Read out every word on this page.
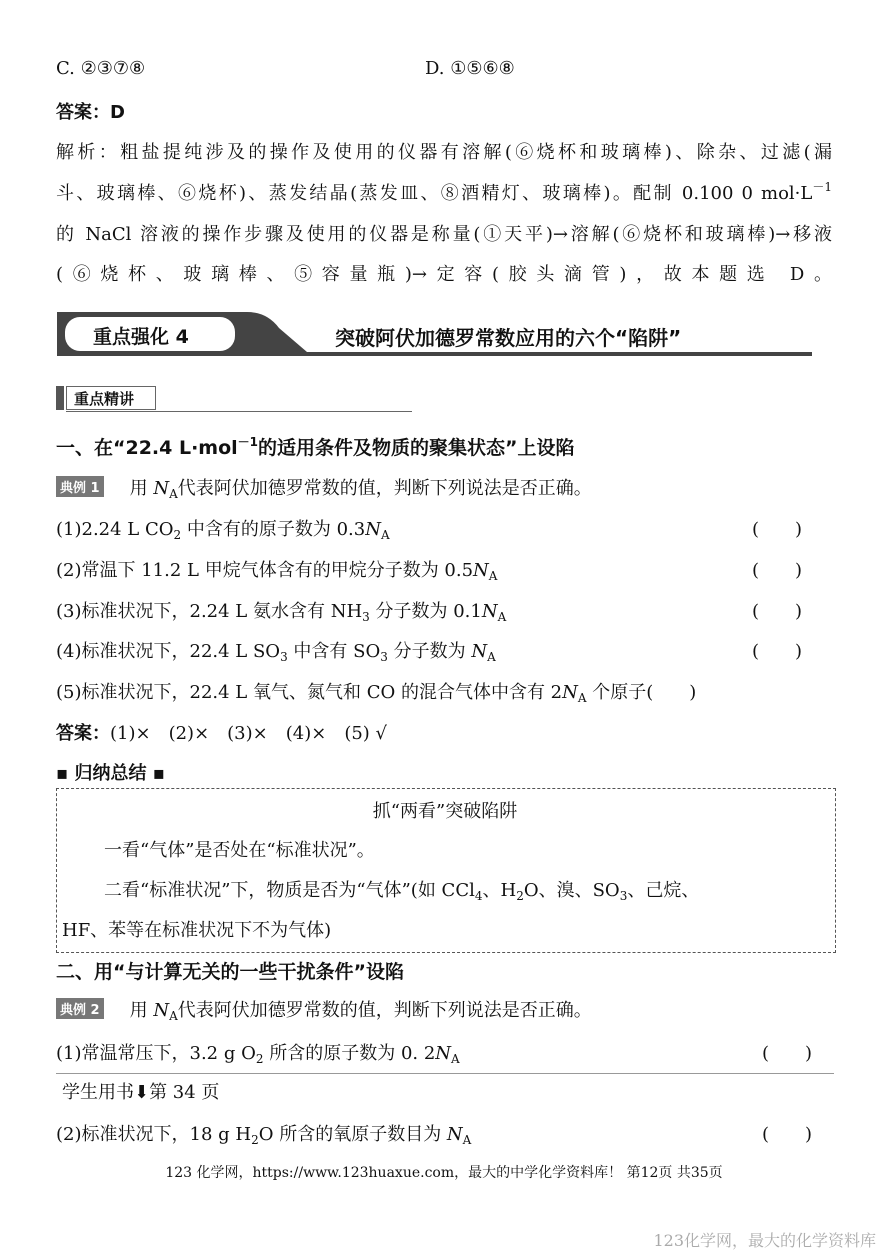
C. ②③⑦⑧	D. ①⑤⑥⑧
答案：D
解析：粗盐提纯涉及的操作及使用的仪器有溶解(⑥烧杯和玻璃棒)、除杂、过滤(漏
斗、玻璃棒、⑥烧杯)、蒸发结晶(蒸发皿、⑧酒精灯、玻璃棒)。配制 0.100 0 $mol\cdot L^{-1}$
的 NaCl 溶液的操作步骤及使用的仪器是称量(①天平)→溶解(⑥烧杯和玻璃棒)→移液
(⑥烧杯、玻璃棒、⑤容量瓶)→定容(胶头滴管)，故本题选 D。
重点强化 4	突破阿伏加德罗常数应用的六个“陷阱”
重点精讲
一、在“22.4 L·mol$^{-1}$的适用条件及物质的聚集状态”上设陷
典例 1 用 $N_A$代表阿伏加德罗常数的值，判断下列说法是否正确。
(1)2.24 L $CO_2$ 中含有的原子数为 $0.3N_A$	(　　)
(2)常温下 11.2 L 甲烷气体含有的甲烷分子数为 $0.5N_A$	(　　)
(3)标准状况下，2.24 L 氨水含有 $NH_3$ 分子数为 $0.1N_A$	(　　)
(4)标准状况下，22.4 L $SO_3$ 中含有 $SO_3$ 分子数为 $N_A$	(　　)
(5)标准状况下，22.4 L 氧气、氮气和 CO 的混合气体中含有 $2N_A$ 个原子(　　)
答案：(1)×　(2)×　(3)×　(4)×　(5) √
▪ 归纳总结 ▪
抓“两看”突破陷阱
一看“气体”是否处在“标准状况”。
二看“标准状况”下，物质是否为“气体”(如 CCl$_4$、$H_2O$、溴、$SO_3$、己烷、
HF、苯等在标准状况下不为气体)
二、用“与计算无关的一些干扰条件”设陷
典例 2 用 $N_A$代表阿伏加德罗常数的值，判断下列说法是否正确。
(1)常温常压下，3.2 g $O_2$ 所含的原子数为 0. $2N_A$	(　　)
学生用书⬇第 34 页
(2)标准状况下，18 g $H_2O$ 所含的氧原子数目为 $N_A$	(　　)
123 化学网，https://www.123huaxue.com，最大的中学化学资料库！ 第12页 共35页
123化学网，最大的化学资料库
